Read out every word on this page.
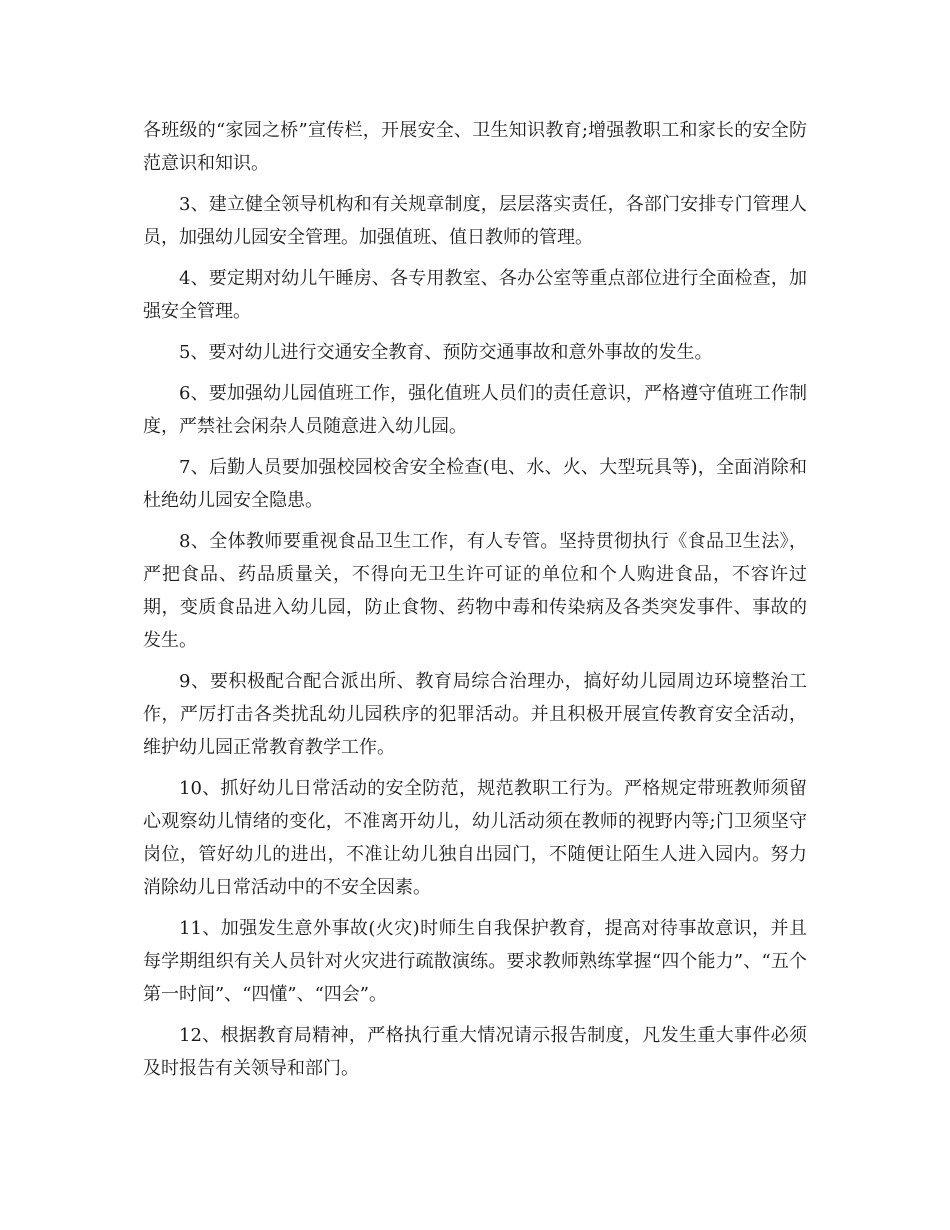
各班级的“家园之桥”宣传栏，开展安全、卫生知识教育;增强教职工和家长的安全防范意识和知识。

3、建立健全领导机构和有关规章制度，层层落实责任，各部门安排专门管理人员，加强幼儿园安全管理。加强值班、值日教师的管理。

4、要定期对幼儿午睡房、各专用教室、各办公室等重点部位进行全面检查，加强安全管理。

5、要对幼儿进行交通安全教育、预防交通事故和意外事故的发生。

6、要加强幼儿园值班工作，强化值班人员们的责任意识，严格遵守值班工作制度，严禁社会闲杂人员随意进入幼儿园。

7、后勤人员要加强校园校舍安全检查(电、水、火、大型玩具等)，全面消除和杜绝幼儿园安全隐患。

8、全体教师要重视食品卫生工作，有人专管。坚持贯彻执行《食品卫生法》，严把食品、药品质量关，不得向无卫生许可证的单位和个人购进食品，不容许过期，变质食品进入幼儿园，防止食物、药物中毒和传染病及各类突发事件、事故的发生。

9、要积极配合配合派出所、教育局综合治理办，搞好幼儿园周边环境整治工作，严厉打击各类扰乱幼儿园秩序的犯罪活动。并且积极开展宣传教育安全活动，维护幼儿园正常教育教学工作。

10、抓好幼儿日常活动的安全防范，规范教职工行为。严格规定带班教师须留心观察幼儿情绪的变化，不准离开幼儿，幼儿活动须在教师的视野内等;门卫须坚守岗位，管好幼儿的进出，不准让幼儿独自出园门，不随便让陌生人进入园内。努力消除幼儿日常活动中的不安全因素。

11、加强发生意外事故(火灾)时师生自我保护教育，提高对待事故意识，并且每学期组织有关人员针对火灾进行疏散演练。要求教师熟练掌握“四个能力”、“五个第一时间”、“四懂”、“四会”。

12、根据教育局精神，严格执行重大情况请示报告制度，凡发生重大事件必须及时报告有关领导和部门。
